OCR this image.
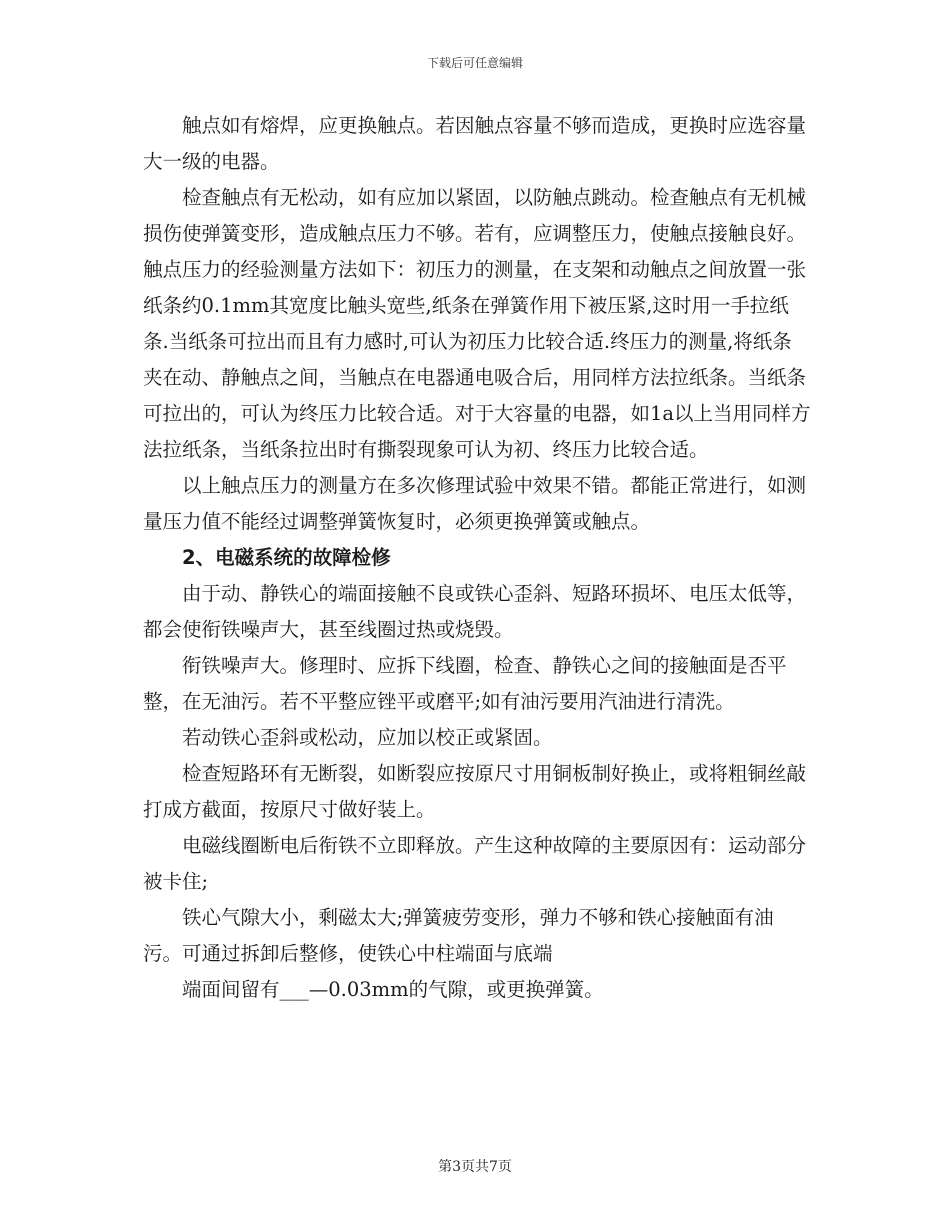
下载后可任意编辑

触点如有熔焊，应更换触点。若因触点容量不够而造成，更换时应选容量大一级的电器。

检查触点有无松动，如有应加以紧固，以防触点跳动。检查触点有无机械损伤使弹簧变形，造成触点压力不够。若有，应调整压力，使触点接触良好。触点压力的经验测量方法如下：初压力的测量，在支架和动触点之间放置一张纸条约0.1mm其宽度比触头宽些,纸条在弹簧作用下被压紧,这时用一手拉纸条.当纸条可拉出而且有力感时,可认为初压力比较合适.终压力的测量,将纸条夹在动、静触点之间，当触点在电器通电吸合后，用同样方法拉纸条。当纸条可拉出的，可认为终压力比较合适。对于大容量的电器，如1a以上当用同样方法拉纸条，当纸条拉出时有撕裂现象可认为初、终压力比较合适。

以上触点压力的测量方在多次修理试验中效果不错。都能正常进行，如测量压力值不能经过调整弹簧恢复时，必须更换弹簧或触点。

2、电磁系统的故障检修

由于动、静铁心的端面接触不良或铁心歪斜、短路环损坏、电压太低等，都会使衔铁噪声大，甚至线圈过热或烧毁。

衔铁噪声大。修理时、应拆下线圈，检查、静铁心之间的接触面是否平整，在无油污。若不平整应锉平或磨平;如有油污要用汽油进行清洗。

若动铁心歪斜或松动，应加以校正或紧固。

检查短路环有无断裂，如断裂应按原尺寸用铜板制好换止，或将粗铜丝敲打成方截面，按原尺寸做好装上。

电磁线圈断电后衔铁不立即释放。产生这种故障的主要原因有：运动部分被卡住;

铁心气隙大小，剩磁太大;弹簧疲劳变形，弹力不够和铁心接触面有油污。可通过拆卸后整修，使铁心中柱端面与底端

端面间留有___—0.03mm的气隙，或更换弹簧。

第3页共7页
